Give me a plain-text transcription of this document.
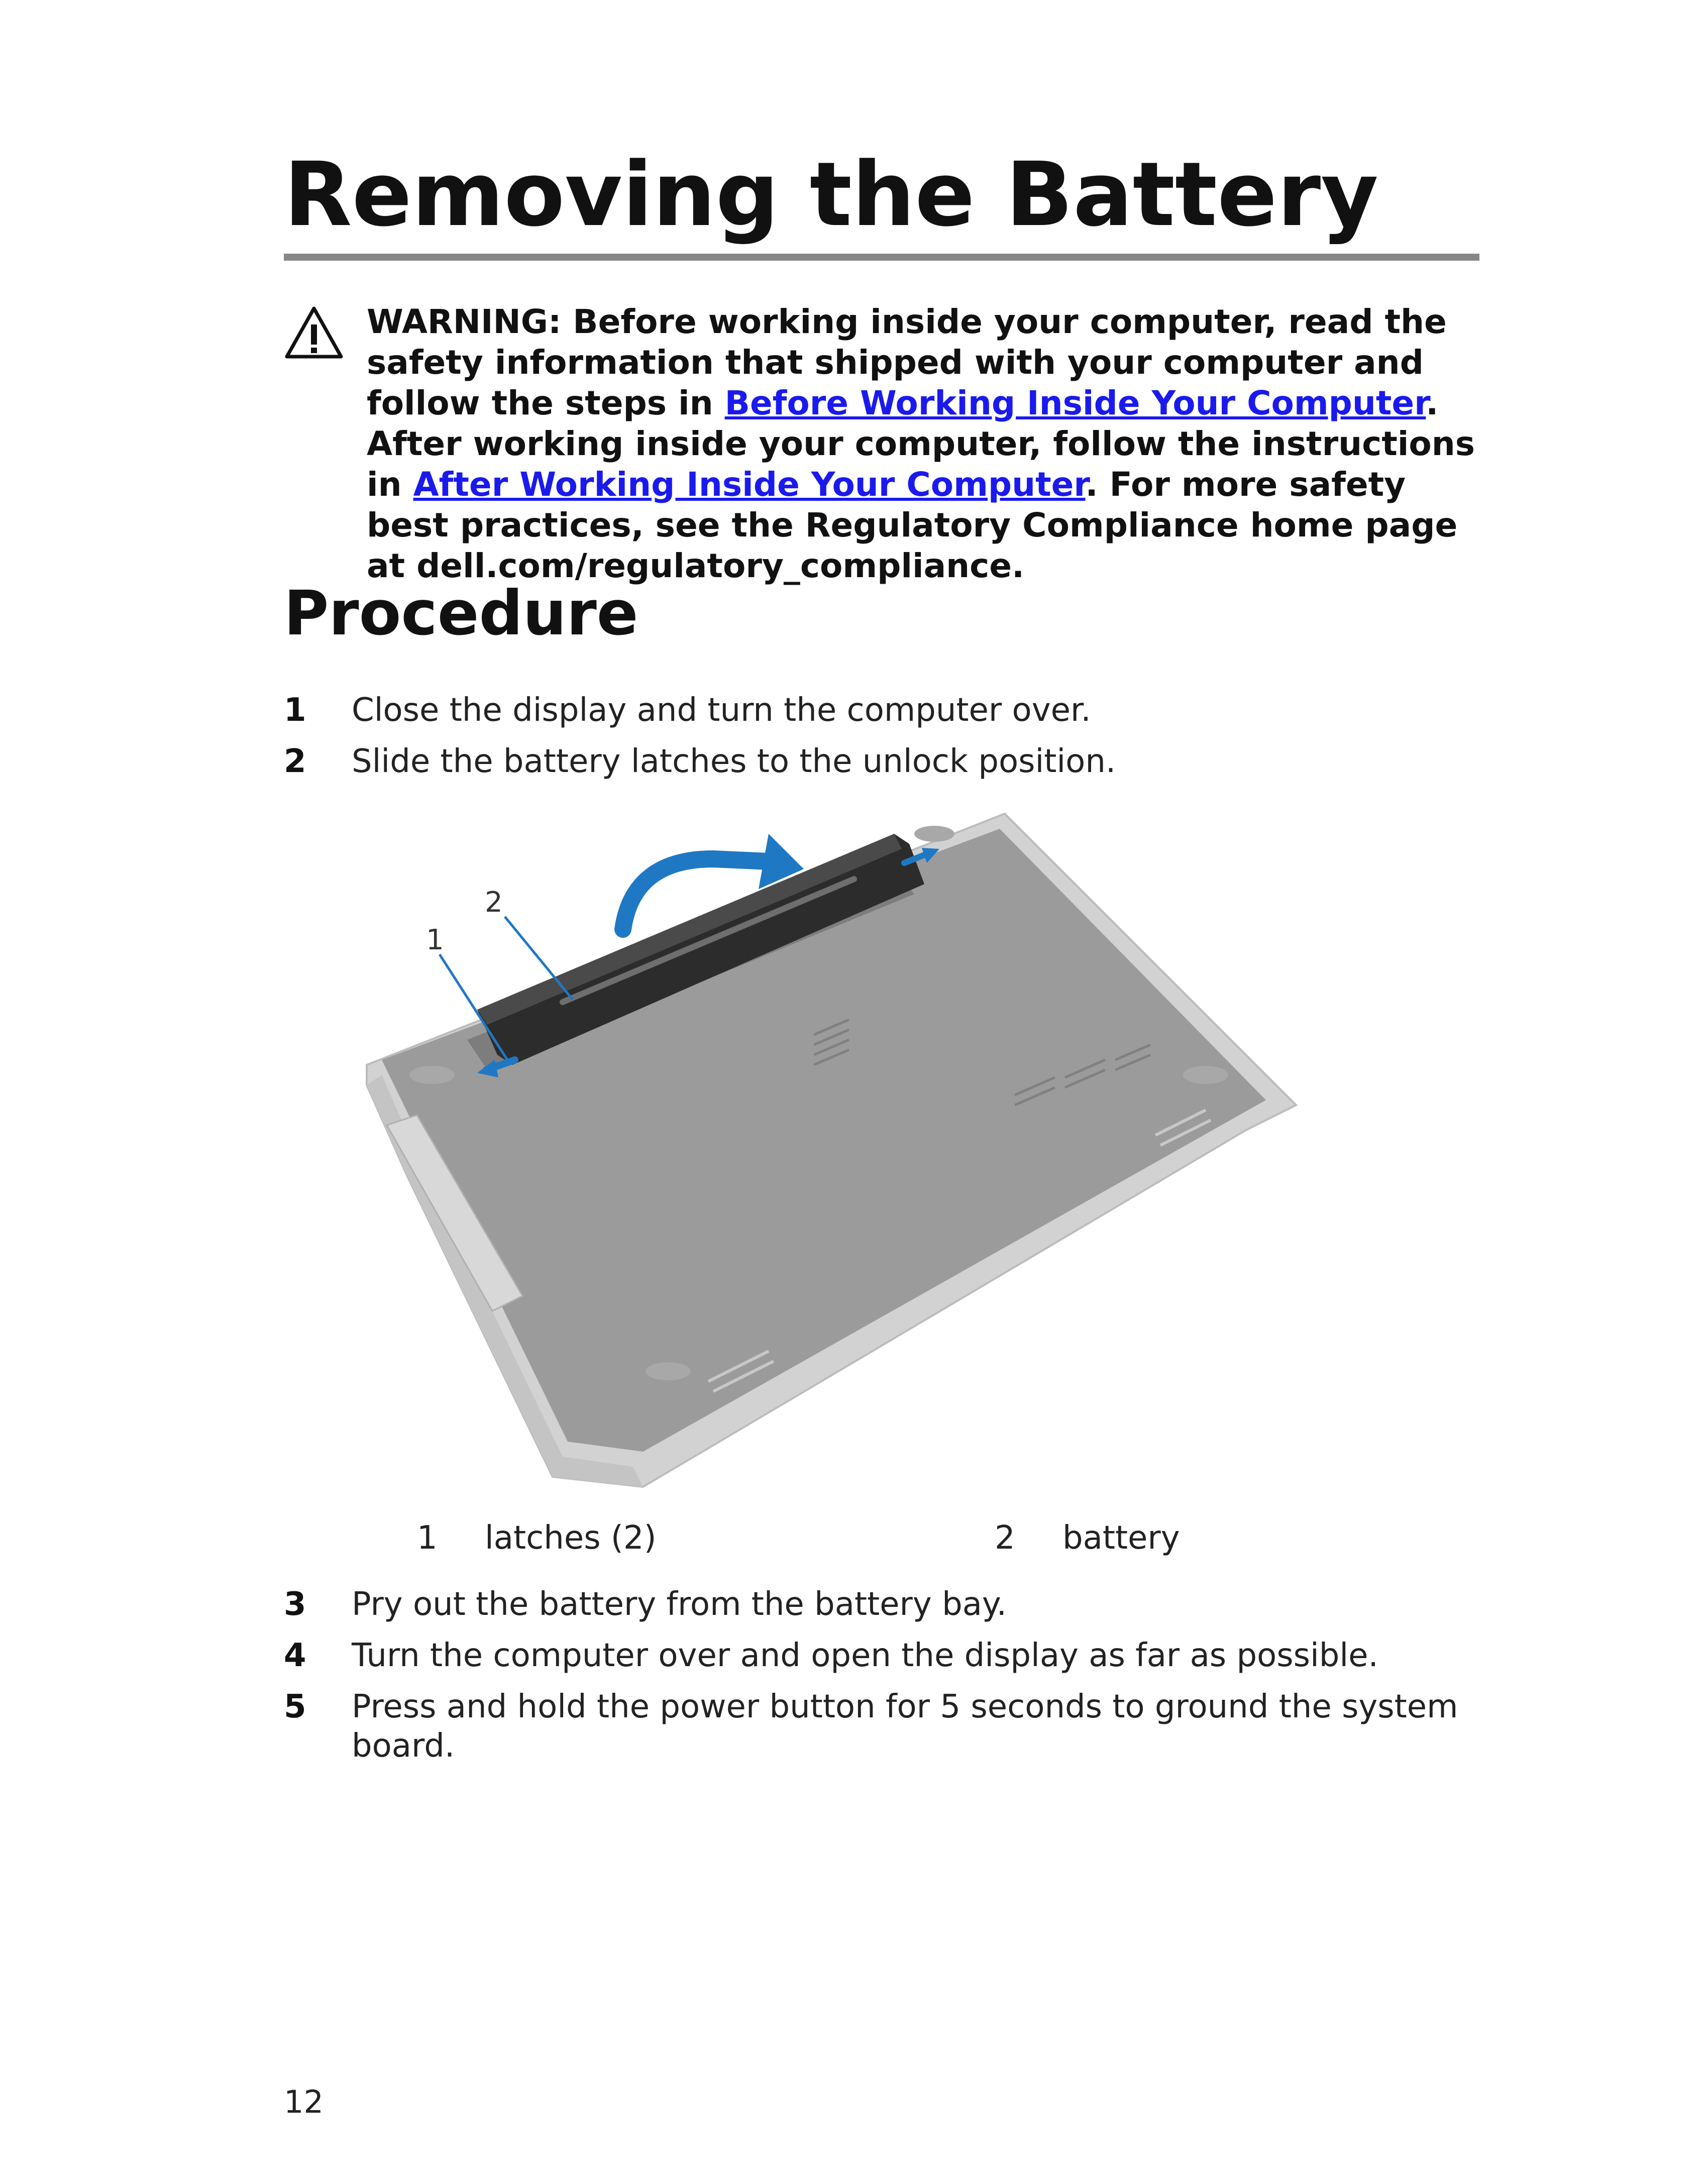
Removing the Battery
WARNING: Before working inside your computer, read the safety information that shipped with your computer and follow the steps in Before Working Inside Your Computer. After working inside your computer, follow the instructions in After Working Inside Your Computer. For more safety best practices, see the Regulatory Compliance home page at dell.com/regulatory_compliance.
Procedure
1 Close the display and turn the computer over.
2 Slide the battery latches to the unlock position.
1
2
1 latches (2)	2 battery
3 Pry out the battery from the battery bay.
4 Turn the computer over and open the display as far as possible.
5 Press and hold the power button for 5 seconds to ground the system board.
12
